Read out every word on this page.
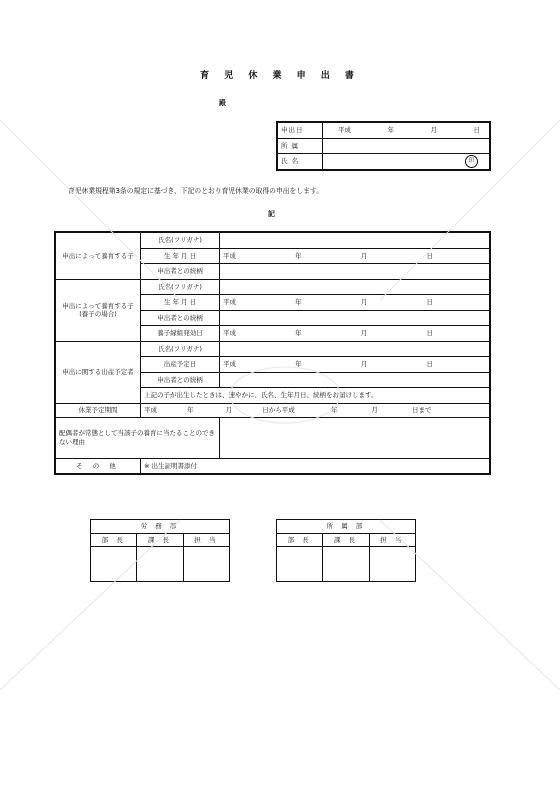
育 児 休 業 申 出 書
殿
申出日	平成 年 月 日

所 属	
氏 名	印
育児休業規程第3条の規定に基づき、下記のとおり育児休業の取得の申出をします。
記
申出によって養育する子	氏名(フリガナ)	
	生 年 月 日	平成 年 月 日

	申出者との続柄	
申出によって養育する子(養子の場合)	氏名(フリガナ)	
	生 年 月 日	平成 年 月 日

	申出者との続柄	
	養子縁組発効日	平成 年 月 日

申出に関する出産予定者	氏名(フリガナ)	
	出産予定日	平成 年 月 日

	申出者との続柄	
	上記の子が出生したときは、速やかに、氏名、生年月日、続柄をお届けします。	
休業予定期間	平成 年 月 日から平成 年 月 日まで	
配偶者が常態として当該子の養育に当たることのできない理由		
そ の 他	※ 出生証明書添付	
労 務 部		
部 長	課 長	担 当

所 属 部		
部 長	課 長	担 当
